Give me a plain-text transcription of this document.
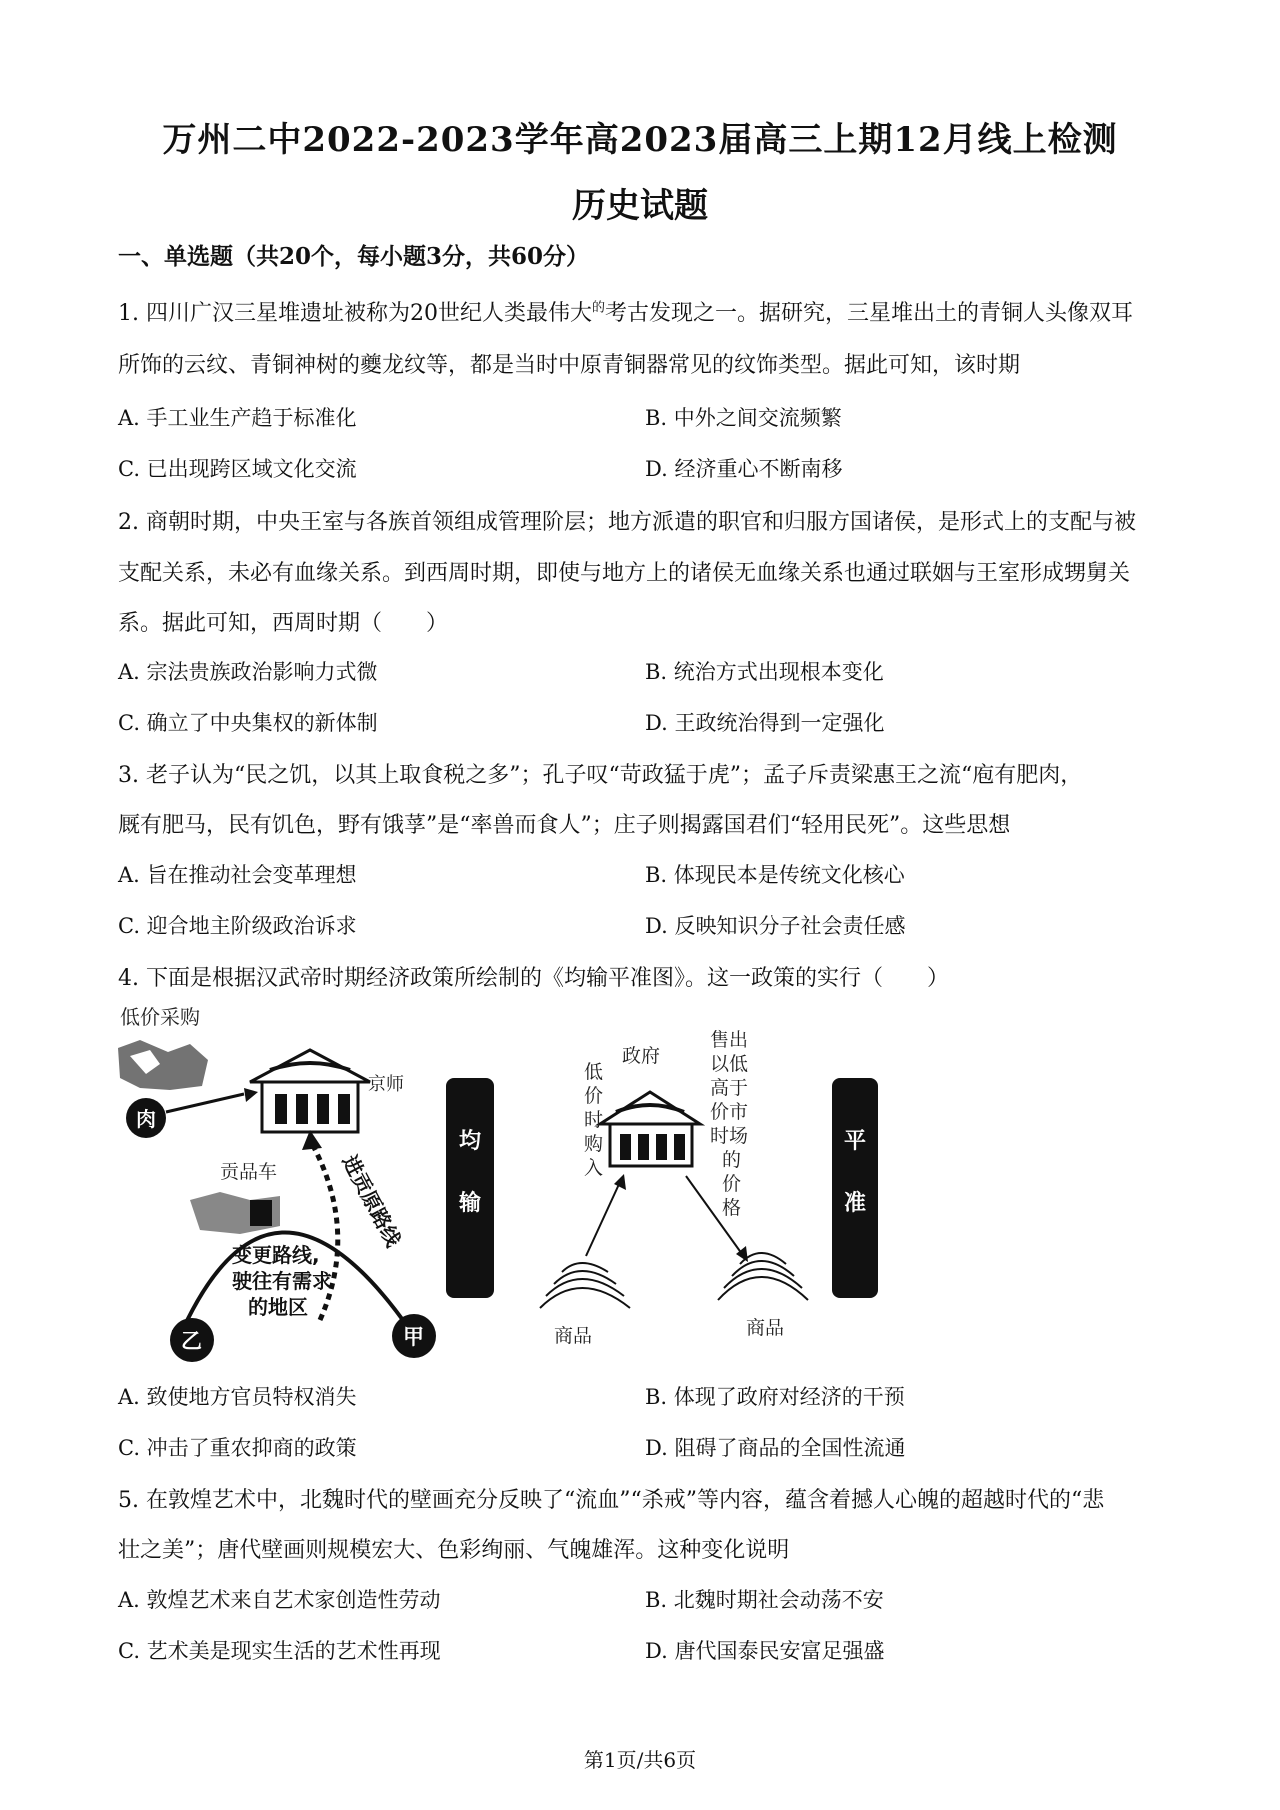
万州二中2022-2023学年高2023届高三上期12月线上检测
历史试题
一、单选题（共20个，每小题3分，共60分）
1. 四川广汉三星堆遗址被称为20世纪人类最伟大$^的$考古发现之一。据研究，三星堆出土的青铜人头像双耳
所饰的云纹、青铜神树的夔龙纹等，都是当时中原青铜器常见的纹饰类型。据此可知，该时期
A. 手工业生产趋于标准化	B. 中外之间交流频繁
C. 已出现跨区域文化交流	D. 经济重心不断南移
2. 商朝时期，中央王室与各族首领组成管理阶层；地方派遣的职官和归服方国诸侯，是形式上的支配与被
支配关系，未必有血缘关系。到西周时期，即使与地方上的诸侯无血缘关系也通过联姻与王室形成甥舅关
系。据此可知，西周时期（　　）
A. 宗法贵族政治影响力式微	B. 统治方式出现根本变化
C. 确立了中央集权的新体制	D. 王政统治得到一定强化
3. 老子认为“民之饥，以其上取食税之多”；孔子叹“苛政猛于虎”；孟子斥责梁惠王之流“庖有肥肉，
厩有肥马，民有饥色，野有饿莩”是“率兽而食人”；庄子则揭露国君们“轻用民死”。这些思想
A. 旨在推动社会变革理想	B. 体现民本是传统文化核心
C. 迎合地主阶级政治诉求	D. 反映知识分子社会责任感
4. 下面是根据汉武帝时期经济政策所绘制的《均输平准图》。这一政策的实行（　　）
低价采购
肉
京师
进贡原路线
贡品车
变更路线,
驶往有需求
的地区
乙	甲
均
输
政府
低
价
时
购
入
售出
以低
高于
价市
时场
的
价
格
商品	商品
平
准
A. 致使地方官员特权消失	B. 体现了政府对经济的干预
C. 冲击了重农抑商的政策	D. 阻碍了商品的全国性流通
5. 在敦煌艺术中，北魏时代的壁画充分反映了“流血”“杀戒”等内容，蕴含着撼人心魄的超越时代的“悲
壮之美”；唐代壁画则规模宏大、色彩绚丽、气魄雄浑。这种变化说明
A. 敦煌艺术来自艺术家创造性劳动	B. 北魏时期社会动荡不安
C. 艺术美是现实生活的艺术性再现	D. 唐代国泰民安富足强盛
第1页/共6页
